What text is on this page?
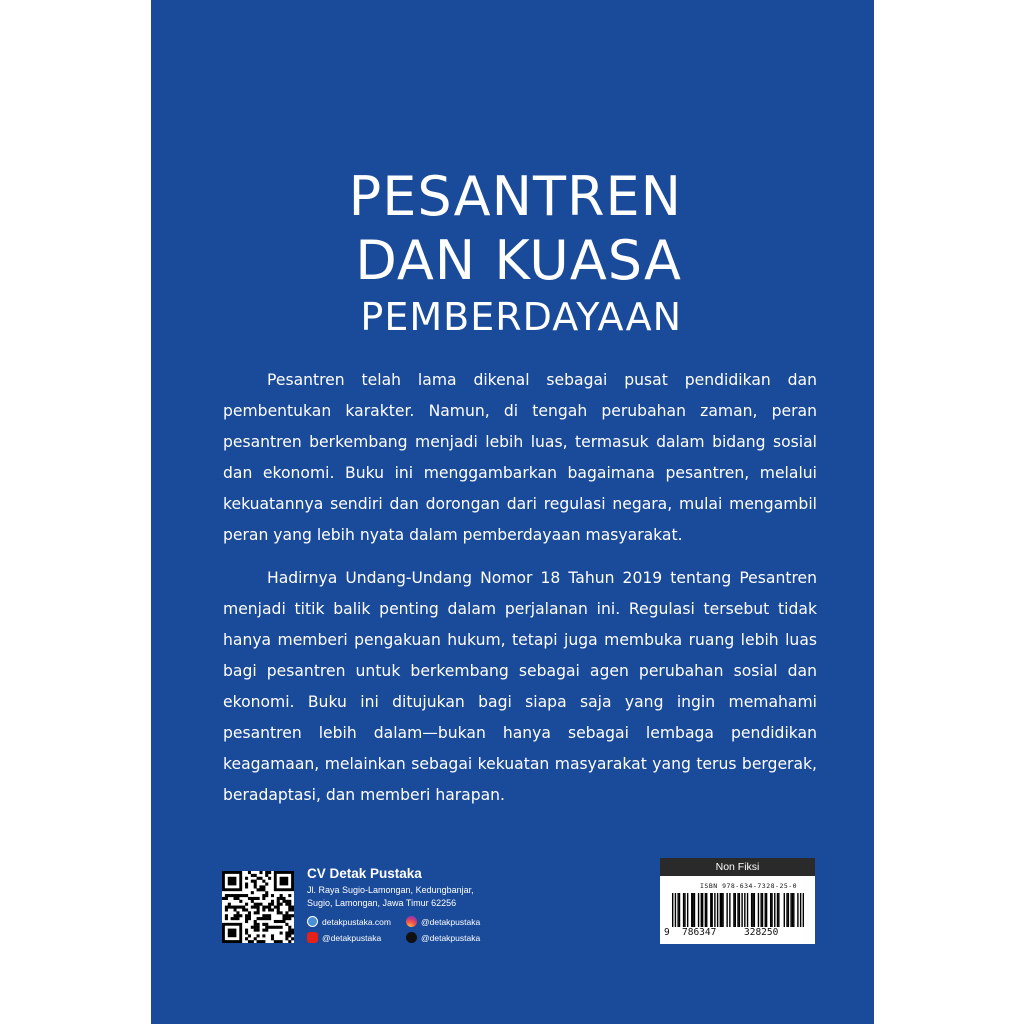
PESANTREN
DAN KUASA
PEMBERDAYAAN

Pesantren telah lama dikenal sebagai pusat pendidikan dan pembentukan karakter. Namun, di tengah perubahan zaman, peran pesantren berkembang menjadi lebih luas, termasuk dalam bidang sosial dan ekonomi. Buku ini menggambarkan bagaimana pesantren, melalui kekuatannya sendiri dan dorongan dari regulasi negara, mulai mengambil peran yang lebih nyata dalam pemberdayaan masyarakat.

Hadirnya Undang-Undang Nomor 18 Tahun 2019 tentang Pesantren menjadi titik balik penting dalam perjalanan ini. Regulasi tersebut tidak hanya memberi pengakuan hukum, tetapi juga membuka ruang lebih luas bagi pesantren untuk berkembang sebagai agen perubahan sosial dan ekonomi. Buku ini ditujukan bagi siapa saja yang ingin memahami pesantren lebih dalam—bukan hanya sebagai lembaga pendidikan keagamaan, melainkan sebagai kekuatan masyarakat yang terus bergerak, beradaptasi, dan memberi harapan.

CV Detak Pustaka

Jl. Raya Sugio-Lamongan, Kedungbanjar,

Sugio, Lamongan, Jawa Timur 62256

detakpustaka.com	@detakpustaka
@detakpustaka	@detakpustaka
Non Fiksi
ISBN 978-634-7328-25-0
9 786347	328250
